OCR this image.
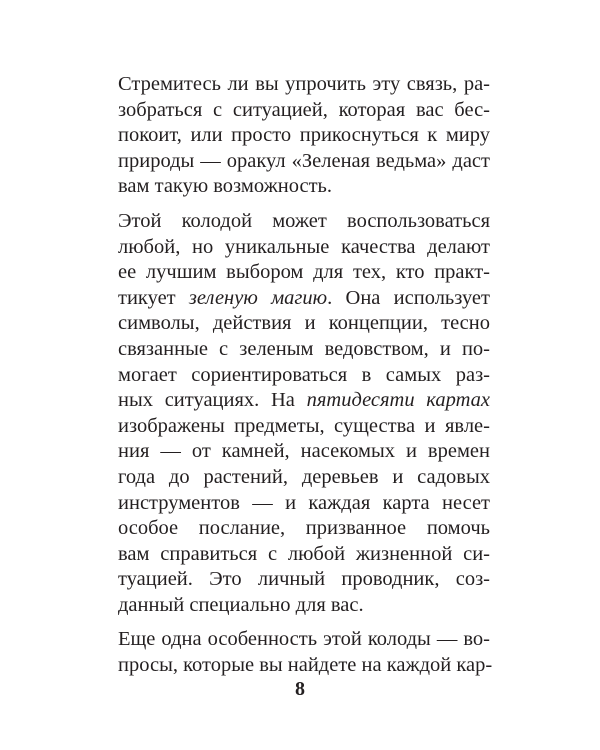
Стремитесь ли вы упрочить эту связь, ра-
зобраться с ситуацией, которая вас бес-
покоит, или просто прикоснуться к миру
природы — оракул «Зеленая ведьма» даст
вам такую возможность.
Этой колодой может воспользоваться
любой, но уникальные качества делают
ее лучшим выбором для тех, кто практ-
тикует зеленую магию. Она использует
символы, действия и концепции, тесно
связанные с зеленым ведовством, и по-
могает сориентироваться в самых раз-
ных ситуациях. На пятидесяти картах
изображены предметы, существа и явле-
ния — от камней, насекомых и времен
года до растений, деревьев и садовых
инструментов — и каждая карта несет
особое послание, призванное помочь
вам справиться с любой жизненной си-
туацией. Это личный проводник, соз-
данный специально для вас.
Еще одна особенность этой колоды — во-
просы, которые вы найдете на каждой кар-
8
